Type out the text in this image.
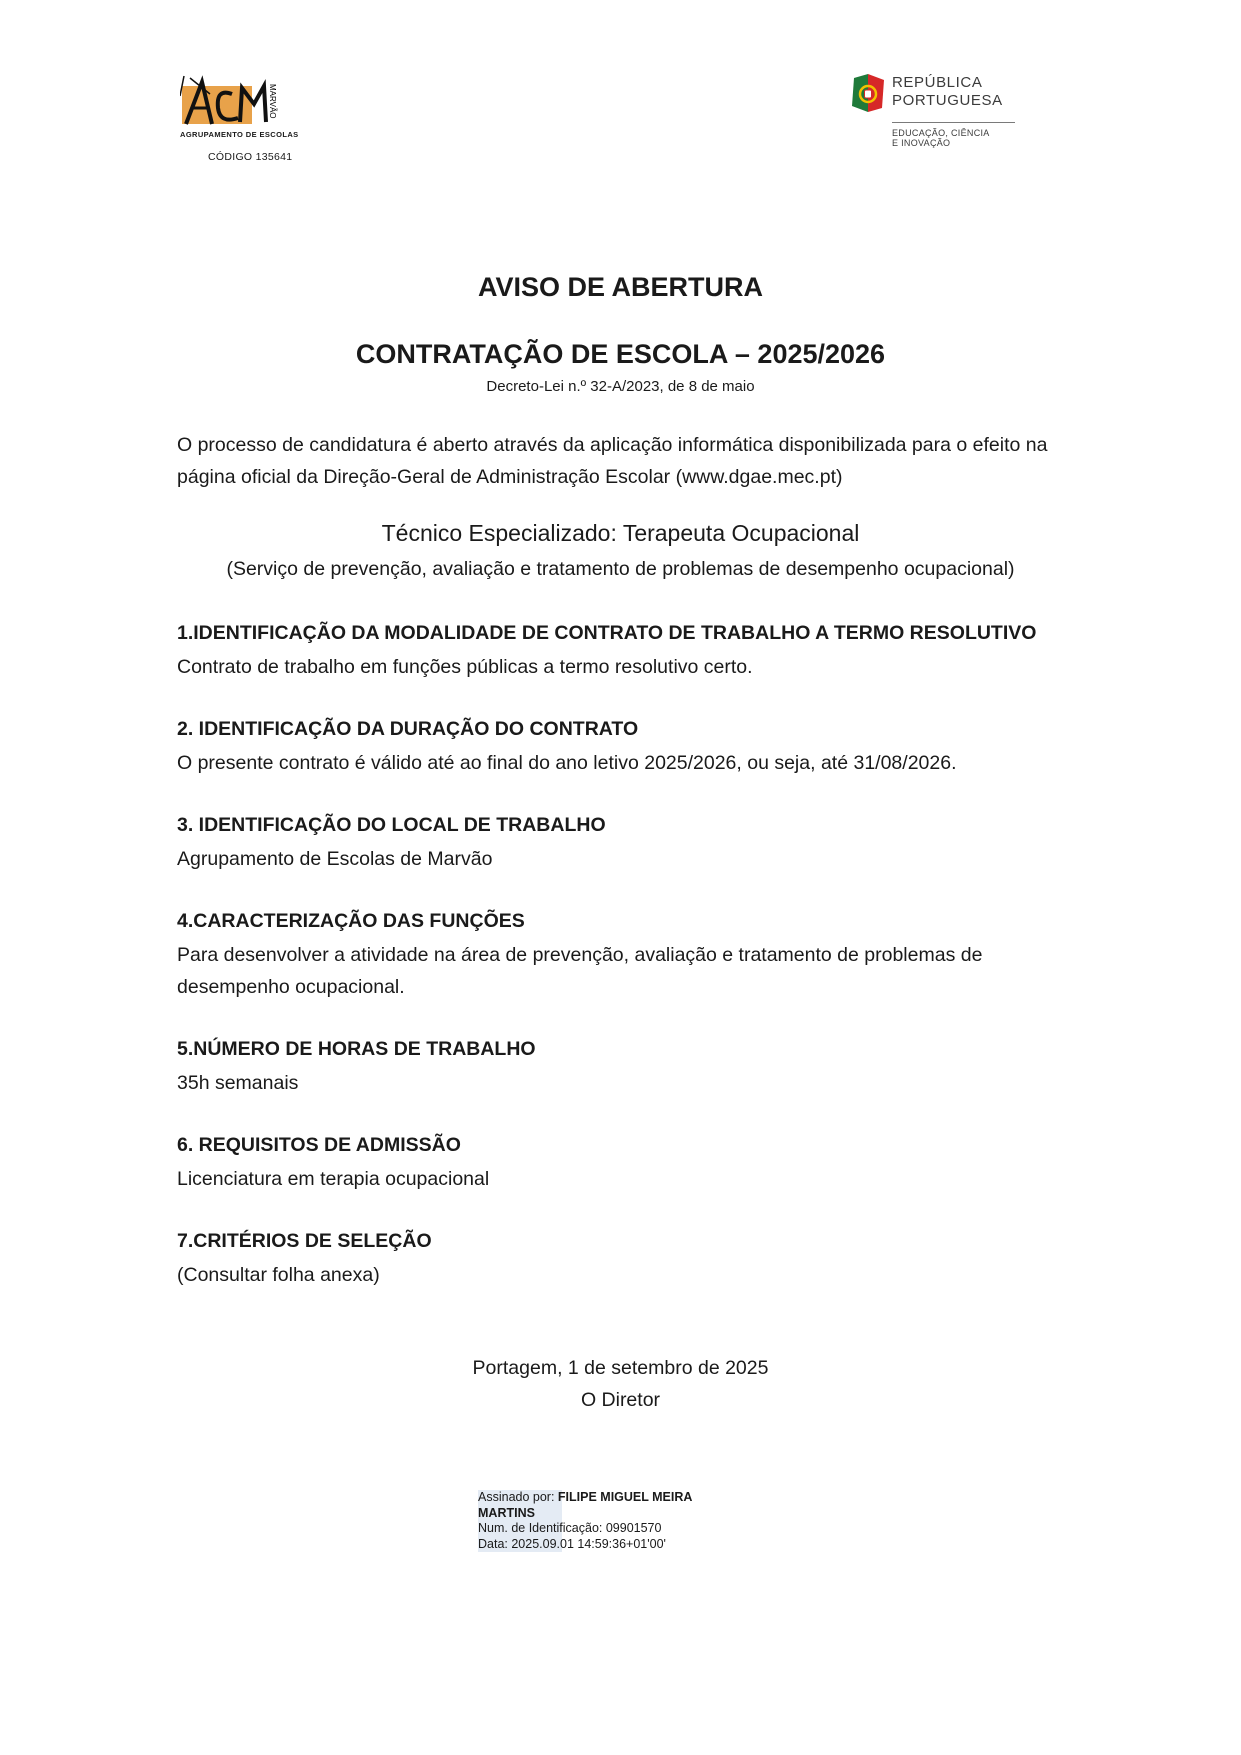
MARVÃO
AGRUPAMENTO DE ESCOLAS
CÓDIGO 135641
REPÚBLICA
PORTUGUESA
EDUCAÇÃO, CIÊNCIA
E INOVAÇÃO
AVISO DE ABERTURA
CONTRATAÇÃO DE ESCOLA – 2025/2026
Decreto-Lei n.º 32-A/2023, de 8 de maio
O processo de candidatura é aberto através da aplicação informática disponibilizada para o efeito na página oficial da Direção-Geral de Administração Escolar (www.dgae.mec.pt)
Técnico Especializado: Terapeuta Ocupacional
(Serviço de prevenção, avaliação e tratamento de problemas de desempenho ocupacional)
1.IDENTIFICAÇÃO DA MODALIDADE DE CONTRATO DE TRABALHO A TERMO RESOLUTIVO
Contrato de trabalho em funções públicas a termo resolutivo certo.
2. IDENTIFICAÇÃO DA DURAÇÃO DO CONTRATO
O presente contrato é válido até ao final do ano letivo 2025/2026, ou seja, até 31/08/2026.
3. IDENTIFICAÇÃO DO LOCAL DE TRABALHO
Agrupamento de Escolas de Marvão
4.CARACTERIZAÇÃO DAS FUNÇÕES
Para desenvolver a atividade na área de prevenção, avaliação e tratamento de problemas de desempenho ocupacional.
5.NÚMERO DE HORAS DE TRABALHO
35h semanais
6. REQUISITOS DE ADMISSÃO
Licenciatura em terapia ocupacional
7.CRITÉRIOS DE SELEÇÃO
(Consultar folha anexa)
Portagem, 1 de setembro de 2025
O Diretor
Assinado por: FILIPE MIGUEL MEIRA
MARTINS
Num. de Identificação: 09901570
Data: 2025.09.01 14:59:36+01'00'
